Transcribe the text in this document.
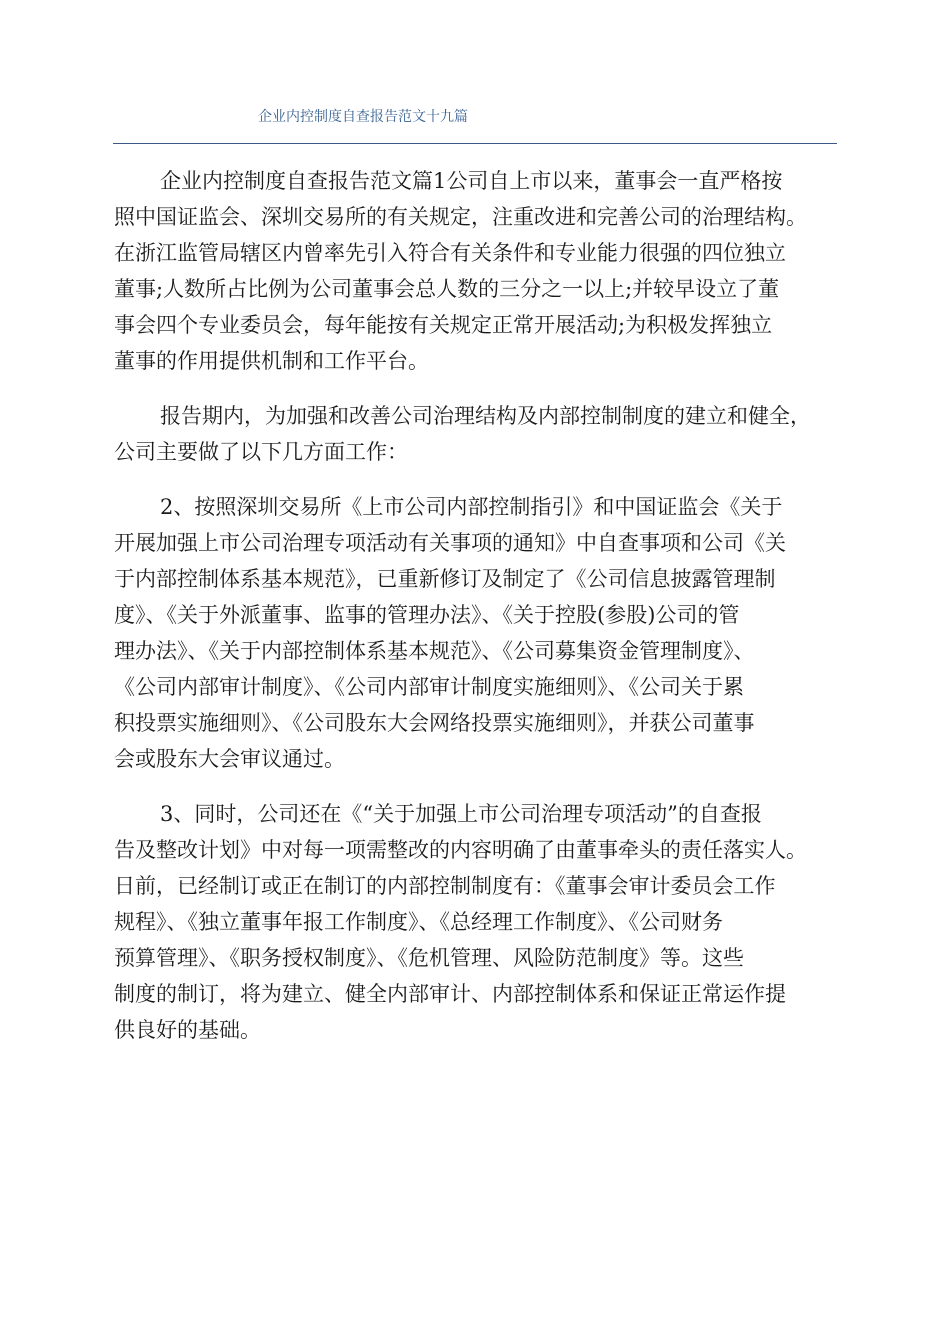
企业内控制度自查报告范文十九篇
企业内控制度自查报告范文篇1公司自上市以来，董事会一直严格按
照中国证监会、深圳交易所的有关规定，注重改进和完善公司的治理结构。
在浙江监管局辖区内曾率先引入符合有关条件和专业能力很强的四位独立
董事;人数所占比例为公司董事会总人数的三分之一以上;并较早设立了董
事会四个专业委员会，每年能按有关规定正常开展活动;为积极发挥独立
董事的作用提供机制和工作平台。
报告期内，为加强和改善公司治理结构及内部控制制度的建立和健全，
公司主要做了以下几方面工作：
2、按照深圳交易所《上市公司内部控制指引》和中国证监会《关于
开展加强上市公司治理专项活动有关事项的通知》中自查事项和公司《关
于内部控制体系基本规范》，已重新修订及制定了《公司信息披露管理制
度》、《关于外派董事、监事的管理办法》、《关于控股(参股)公司的管
理办法》、《关于内部控制体系基本规范》、《公司募集资金管理制度》、
《公司内部审计制度》、《公司内部审计制度实施细则》、《公司关于累
积投票实施细则》、《公司股东大会网络投票实施细则》，并获公司董事
会或股东大会审议通过。
3、同时，公司还在《“关于加强上市公司治理专项活动”的自查报
告及整改计划》中对每一项需整改的内容明确了由董事牵头的责任落实人。
日前，已经制订或正在制订的内部控制制度有：《董事会审计委员会工作
规程》、《独立董事年报工作制度》、《总经理工作制度》、《公司财务
预算管理》、《职务授权制度》、《危机管理、风险防范制度》等。这些
制度的制订，将为建立、健全内部审计、内部控制体系和保证正常运作提
供良好的基础。
